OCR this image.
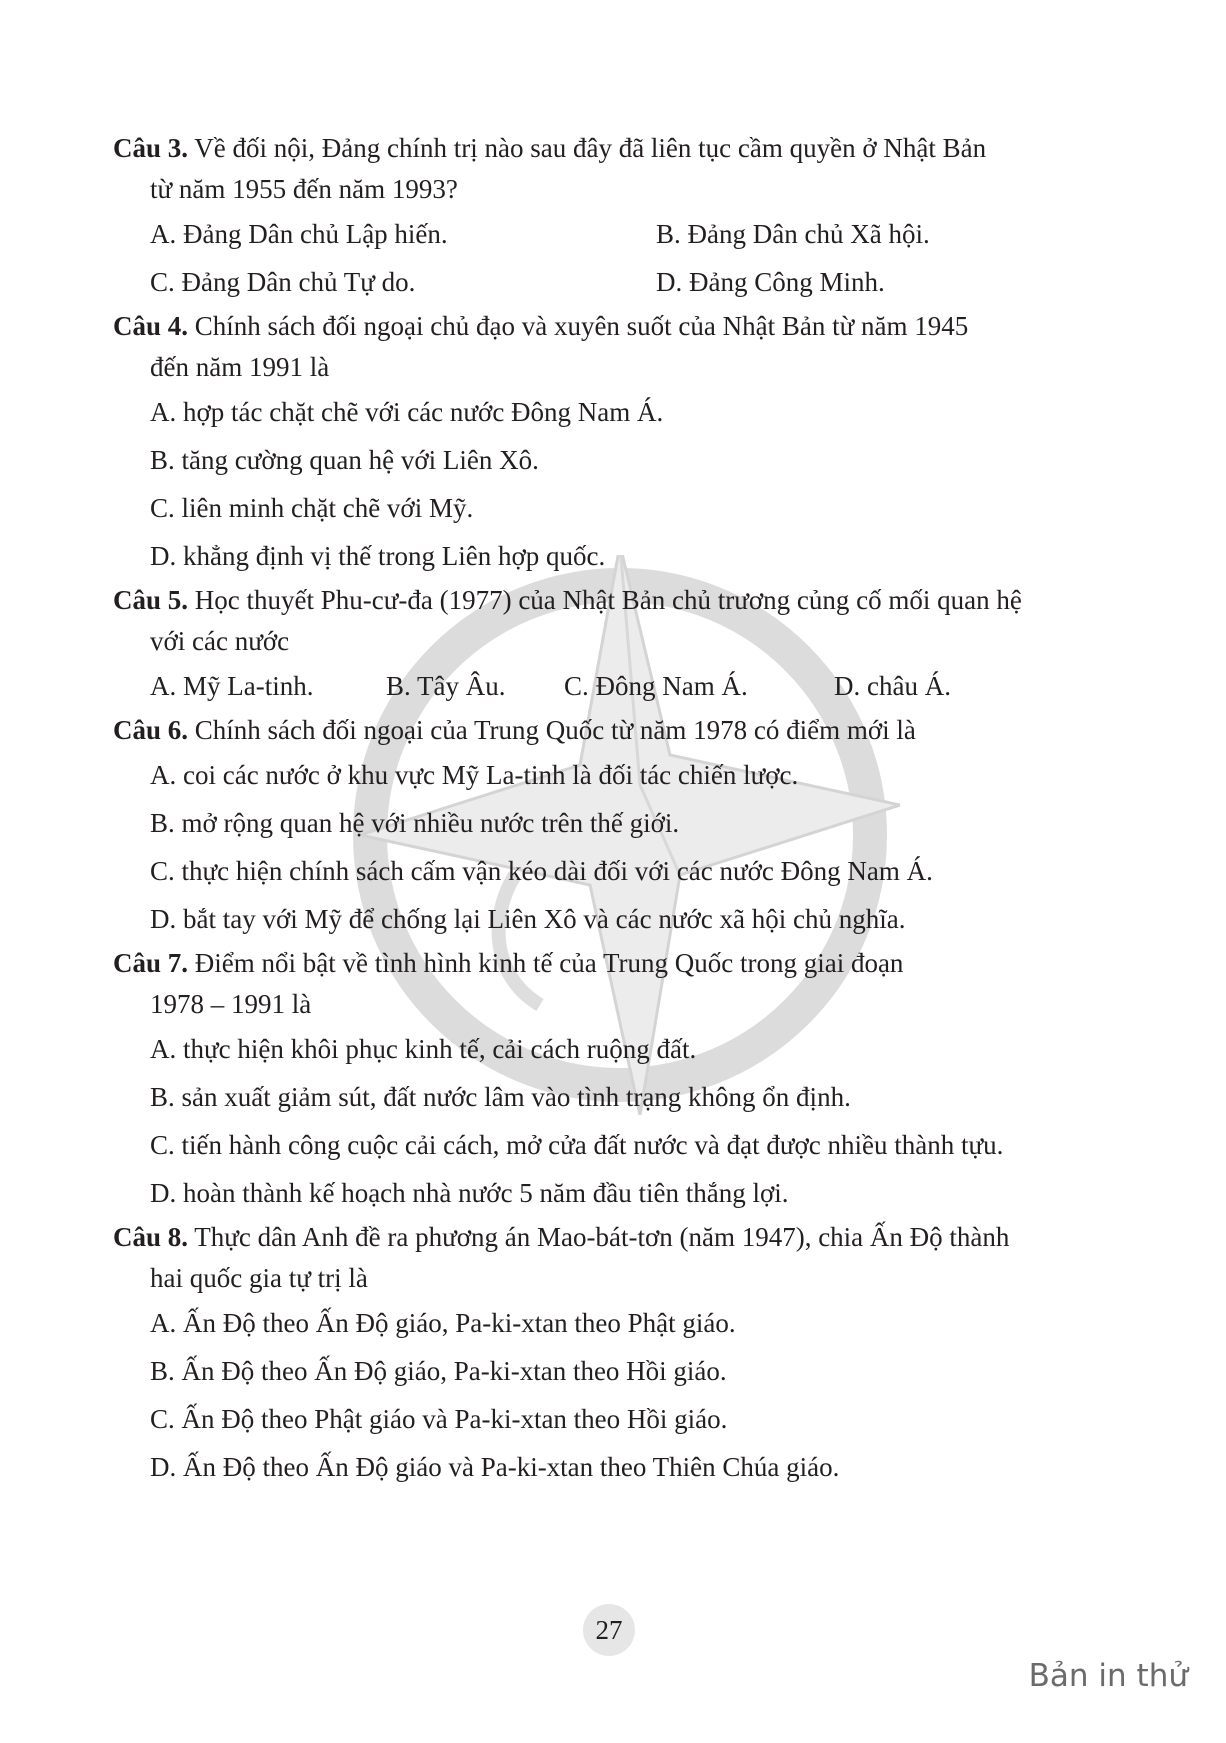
Câu 3. Về đối nội, Đảng chính trị nào sau đây đã liên tục cầm quyền ở Nhật Bản
từ năm 1955 đến năm 1993?
A. Đảng Dân chủ Lập hiến.	B. Đảng Dân chủ Xã hội.
C. Đảng Dân chủ Tự do.	D. Đảng Công Minh.
Câu 4. Chính sách đối ngoại chủ đạo và xuyên suốt của Nhật Bản từ năm 1945
đến năm 1991 là
A. hợp tác chặt chẽ với các nước Đông Nam Á.
B. tăng cường quan hệ với Liên Xô.
C. liên minh chặt chẽ với Mỹ.
D. khẳng định vị thế trong Liên hợp quốc.
Câu 5. Học thuyết Phu-cư-đa (1977) của Nhật Bản chủ trương củng cố mối quan hệ
với các nước
A. Mỹ La-tinh.	B. Tây Âu.	C. Đông Nam Á.	D. châu Á.
Câu 6. Chính sách đối ngoại của Trung Quốc từ năm 1978 có điểm mới là
A. coi các nước ở khu vực Mỹ La-tinh là đối tác chiến lược.
B. mở rộng quan hệ với nhiều nước trên thế giới.
C. thực hiện chính sách cấm vận kéo dài đối với các nước Đông Nam Á.
D. bắt tay với Mỹ để chống lại Liên Xô và các nước xã hội chủ nghĩa.
Câu 7. Điểm nổi bật về tình hình kinh tế của Trung Quốc trong giai đoạn
1978 – 1991 là
A. thực hiện khôi phục kinh tế, cải cách ruộng đất.
B. sản xuất giảm sút, đất nước lâm vào tình trạng không ổn định.
C. tiến hành công cuộc cải cách, mở cửa đất nước và đạt được nhiều thành tựu.
D. hoàn thành kế hoạch nhà nước 5 năm đầu tiên thắng lợi.
Câu 8. Thực dân Anh đề ra phương án Mao-bát-tơn (năm 1947), chia Ấn Độ thành
hai quốc gia tự trị là
A. Ấn Độ theo Ấn Độ giáo, Pa-ki-xtan theo Phật giáo.
B. Ấn Độ theo Ấn Độ giáo, Pa-ki-xtan theo Hồi giáo.
C. Ấn Độ theo Phật giáo và Pa-ki-xtan theo Hồi giáo.
D. Ấn Độ theo Ấn Độ giáo và Pa-ki-xtan theo Thiên Chúa giáo.
27
Bản in thử
